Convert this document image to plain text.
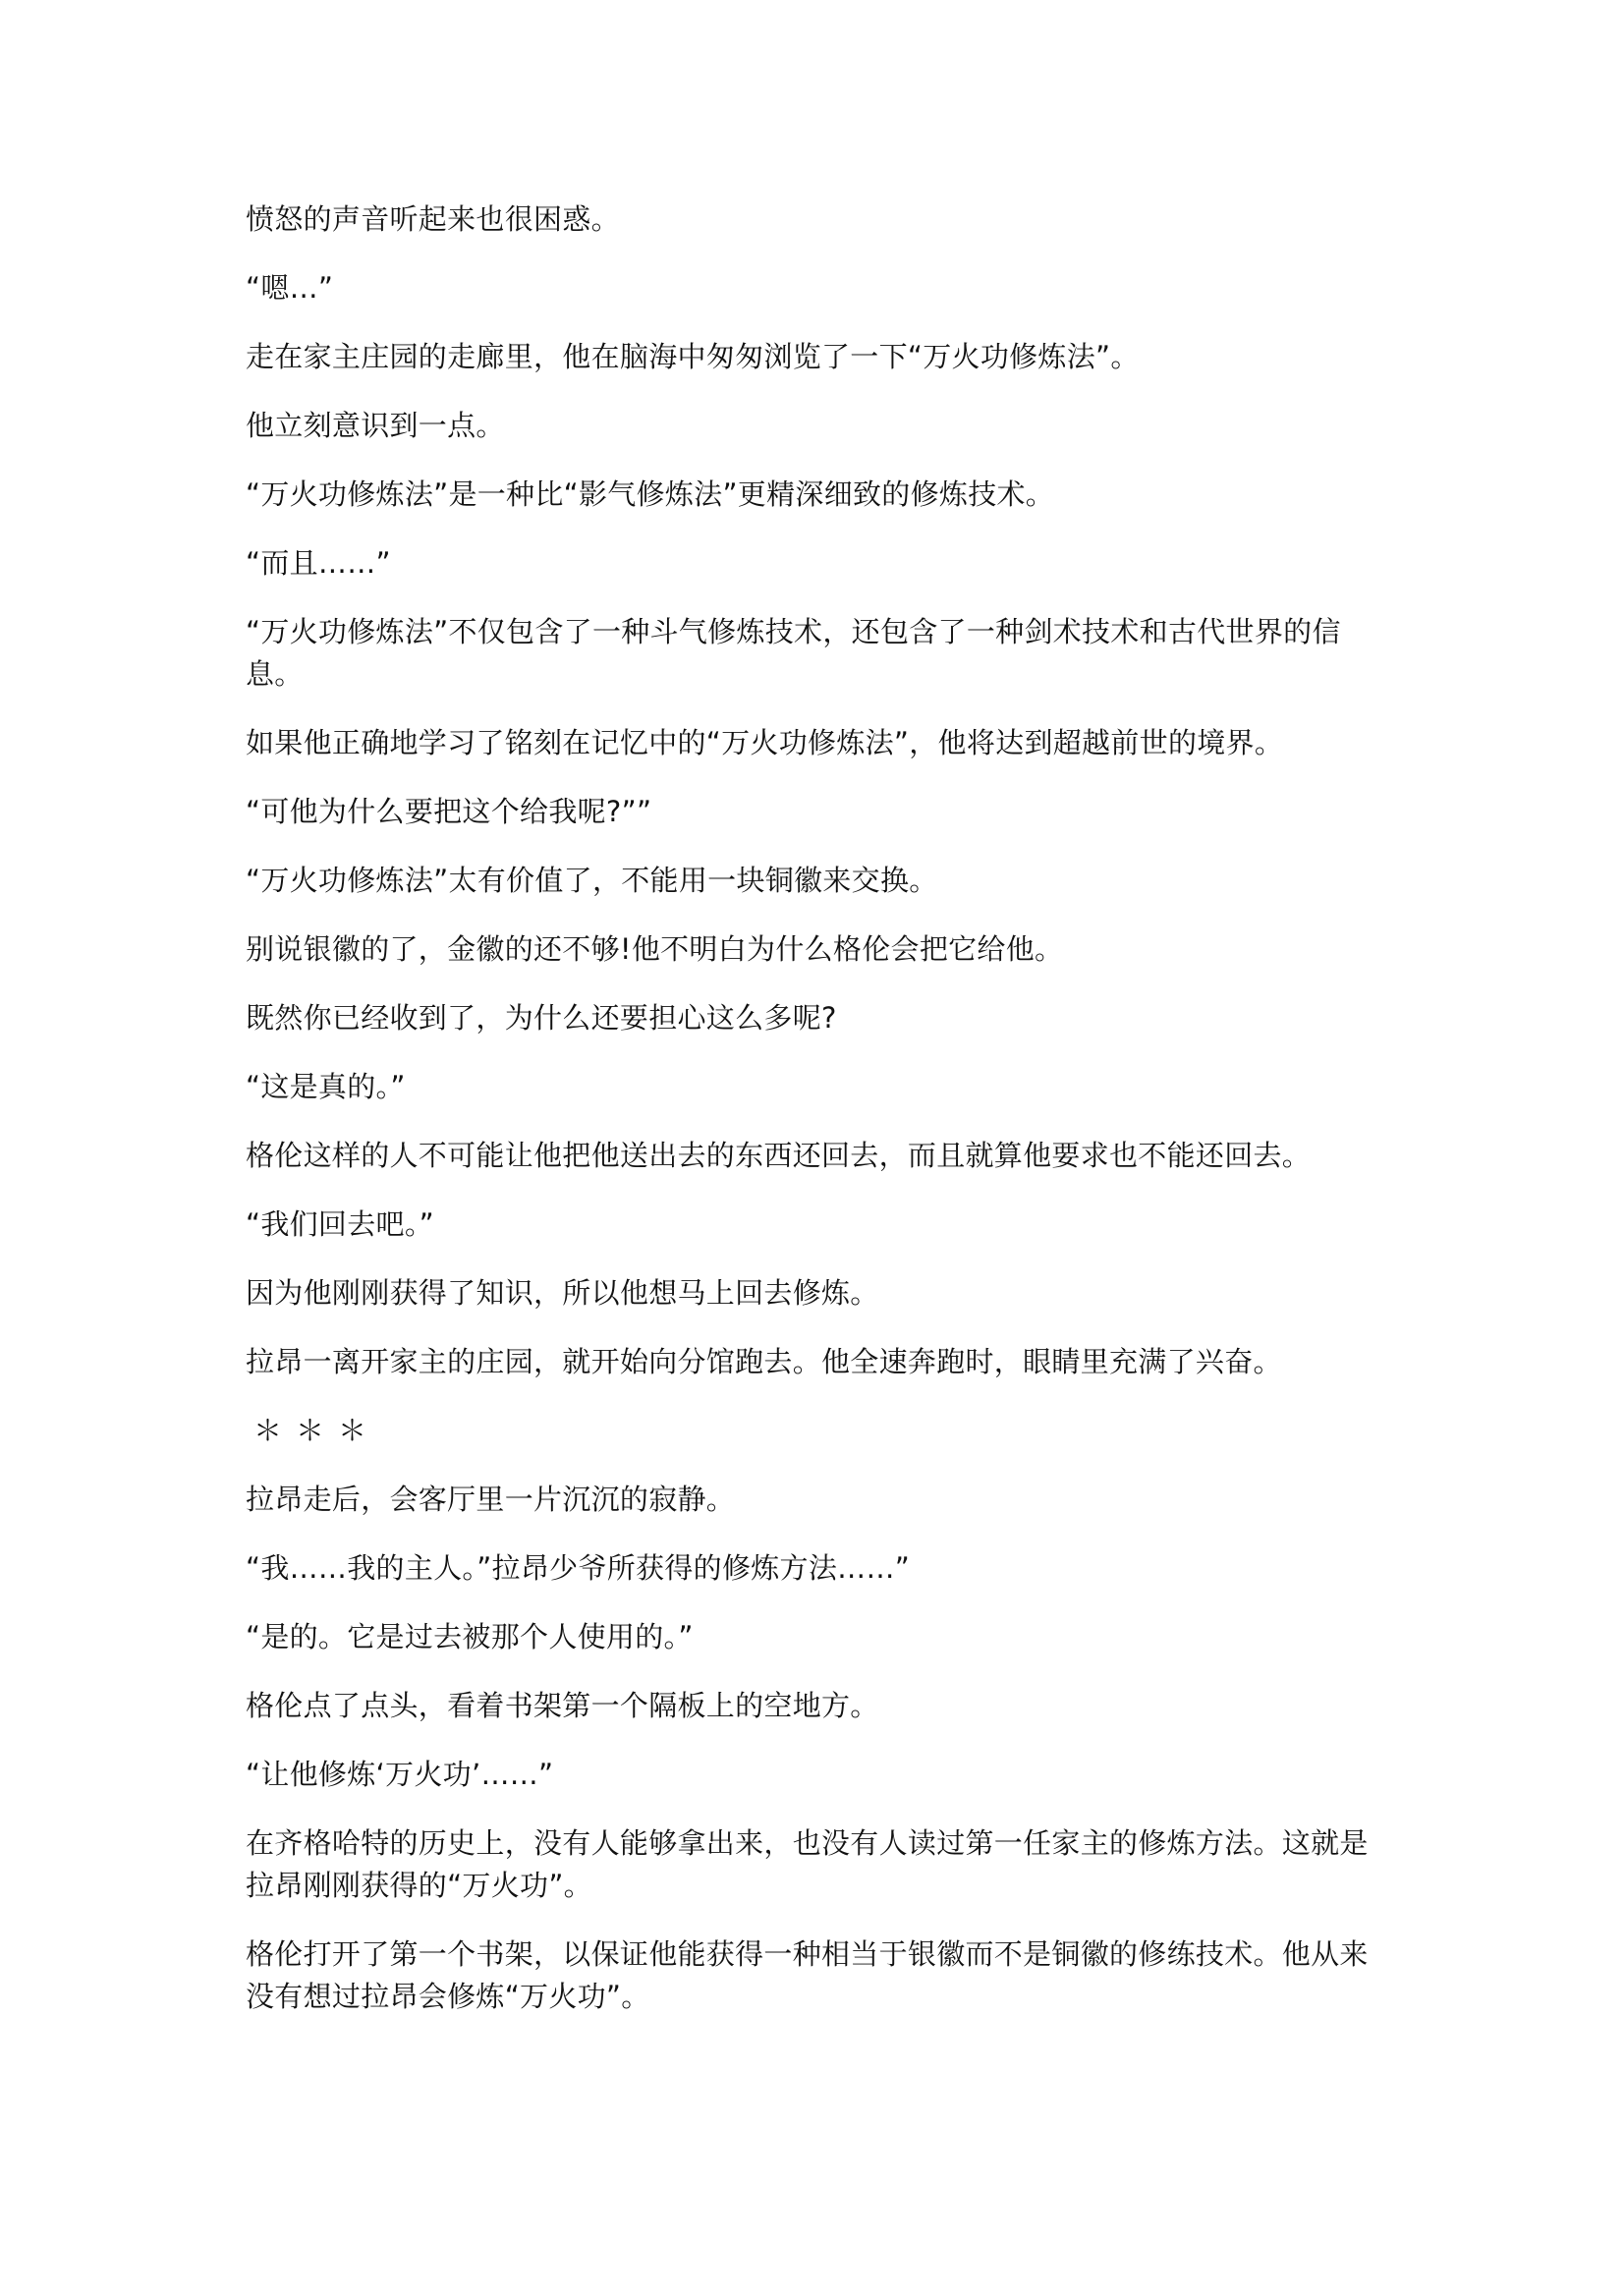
愤怒的声音听起来也很困惑。

“嗯…”

走在家主庄园的走廊里，他在脑海中匆匆浏览了一下“万火功修炼法”。

他立刻意识到一点。

“万火功修炼法”是一种比“影气修炼法”更精深细致的修炼技术。

“而且……”

“万火功修炼法”不仅包含了一种斗气修炼技术，还包含了一种剑术技术和古代世界的信息。

如果他正确地学习了铭刻在记忆中的“万火功修炼法”，他将达到超越前世的境界。

“可他为什么要把这个给我呢?””

“万火功修炼法”太有价值了，不能用一块铜徽来交换。

别说银徽的了，金徽的还不够!他不明白为什么格伦会把它给他。

既然你已经收到了，为什么还要担心这么多呢?

“这是真的。”

格伦这样的人不可能让他把他送出去的东西还回去，而且就算他要求也不能还回去。

“我们回去吧。”

因为他刚刚获得了知识，所以他想马上回去修炼。

拉昂一离开家主的庄园，就开始向分馆跑去。他全速奔跑时，眼睛里充满了兴奋。

＊＊＊

拉昂走后，会客厅里一片沉沉的寂静。

“我……我的主人。”拉昂少爷所获得的修炼方法……”

“是的。它是过去被那个人使用的。”

格伦点了点头，看着书架第一个隔板上的空地方。

“让他修炼‘万火功’……”

在齐格哈特的历史上，没有人能够拿出来，也没有人读过第一任家主的修炼方法。这就是拉昂刚刚获得的“万火功”。

格伦打开了第一个书架，以保证他能获得一种相当于银徽而不是铜徽的修练技术。他从来没有想过拉昂会修炼“万火功”。
